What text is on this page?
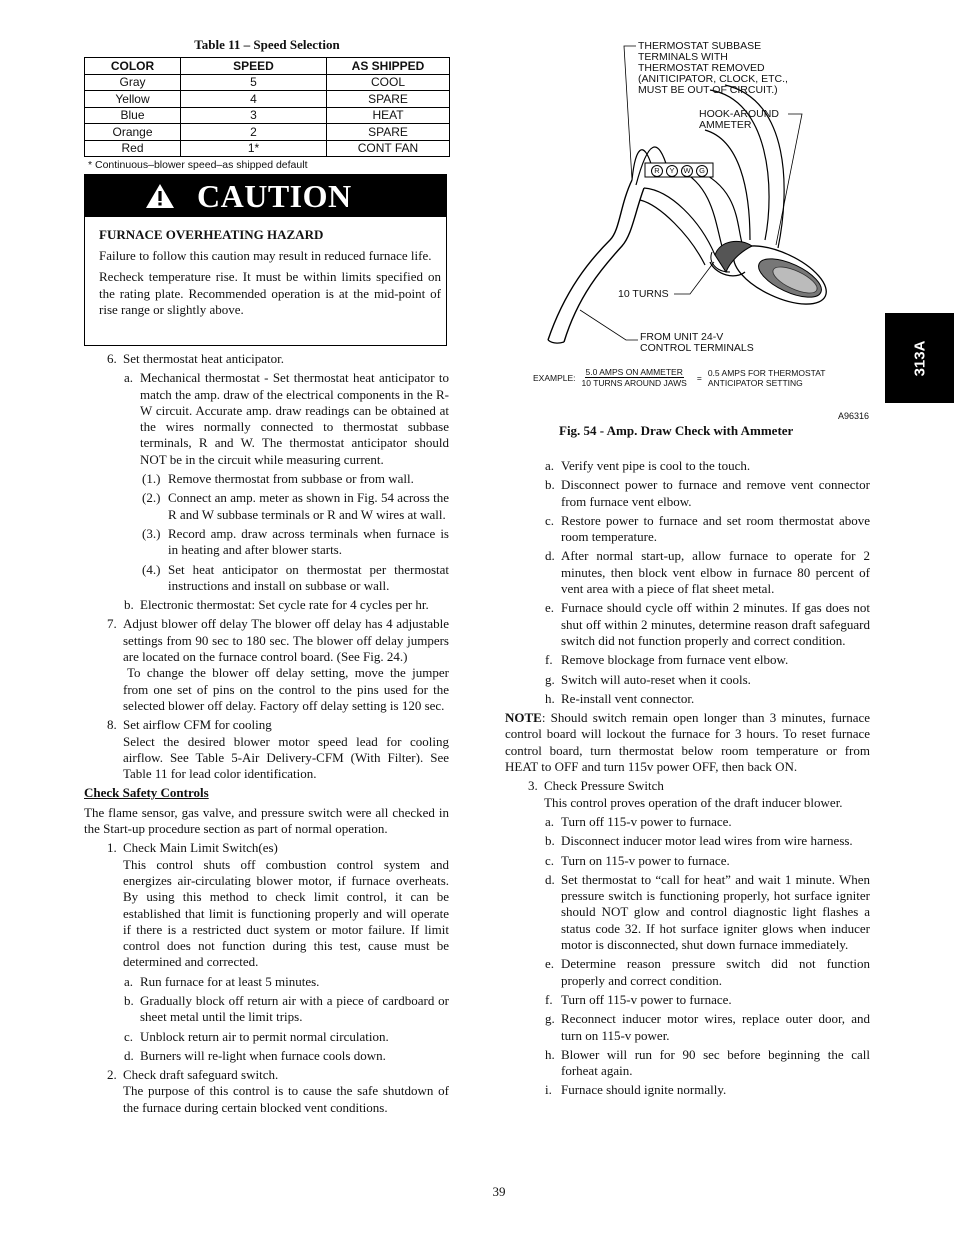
Table 11 – Speed Selection
COLOR	SPEED	AS SHIPPED
Gray	5	COOL
Yellow	4	SPARE
Blue	3	HEAT
Orange	2	SPARE
Red	1*	CONT FAN
* Continuous–blower speed–as shipped default
CAUTION
FURNACE OVERHEATING HAZARD

Failure to follow this caution may result in reduced furnace life.

Recheck temperature rise. It must be within limits specified on the rating plate. Recommended operation is at the mid-point of rise range or slightly above.

6. Set thermostat heat anticipator.
a. Mechanical thermostat - Set thermostat heat anticipator to match the amp. draw of the electrical components in the R-W circuit. Accurate amp. draw readings can be obtained at the wires normally connected to thermostat subbase terminals, R and W. The thermostat anticipator should NOT be in the circuit while measuring current.
(1.) Remove thermostat from subbase or from wall.
(2.) Connect an amp. meter as shown in Fig. 54 across the R and W subbase terminals or R and W wires at wall.
(3.) Record amp. draw across terminals when furnace is in heating and after blower starts.
(4.) Set heat anticipator on thermostat per thermostat instructions and install on subbase or wall.
b. Electronic thermostat: Set cycle rate for 4 cycles per hr.
7. Adjust blower off delay The blower off delay has 4 adjustable settings from 90 sec to 180 sec. The blower off delay jumpers are located on the furnace control board. (See Fig. 24.)

To change the blower off delay setting, move the jumper from one set of pins on the control to the pins used for the selected blower off delay. Factory off delay setting is 120 sec.

8. Set airflow CFM for cooling

Select the desired blower motor speed lead for cooling airflow. See Table 5-Air Delivery-CFM (With Filter). See Table 11 for lead color identification.

Check Safety Controls

The flame sensor, gas valve, and pressure switch were all checked in the Start-up procedure section as part of normal operation.

1. Check Main Limit Switch(es)

This control shuts off combustion control system and energizes air-circulating blower motor, if furnace overheats. By using this method to check limit control, it can be established that limit is functioning properly and will operate if there is a restricted duct system or motor failure. If limit control does not function during this test, cause must be determined and corrected.

a. Run furnace for at least 5 minutes.
b. Gradually block off return air with a piece of cardboard or sheet metal until the limit trips.
c. Unblock return air to permit normal circulation.
d. Burners will re-light when furnace cools down.
2. Check draft safeguard switch.

The purpose of this control is to cause the safe shutdown of the furnace during certain blocked vent conditions.

R	Y	W	G
THERMOSTAT SUBBASE
TERMINALS WITH
THERMOSTAT REMOVED
(ANITICIPATOR, CLOCK, ETC.,
MUST BE OUT OF CIRCUIT.)
HOOK-AROUND
AMMETER
10 TURNS
FROM UNIT 24-V
CONTROL TERMINALS
EXAMPLE:
5.0 AMPS ON AMMETER
10 TURNS AROUND JAWS
= 0.5 AMPS FOR THERMOSTAT
ANTICIPATOR SETTING
A96316
Fig. 54 - Amp. Draw Check with Ammeter
a. Verify vent pipe is cool to the touch.
b. Disconnect power to furnace and remove vent connector from furnace vent elbow.
c. Restore power to furnace and set room thermostat above room temperature.
d. After normal start-up, allow furnace to operate for 2 minutes, then block vent elbow in furnace 80 percent of vent area with a piece of flat sheet metal.
e. Furnace should cycle off within 2 minutes. If gas does not shut off within 2 minutes, determine reason draft safeguard switch did not function properly and correct condition.
f. Remove blockage from furnace vent elbow.
g. Switch will auto-reset when it cools.
h. Re-install vent connector.

NOTE: Should switch remain open longer than 3 minutes, furnace control board will lockout the furnace for 3 hours. To reset furnace control board, turn thermostat below room temperature or from HEAT to OFF and turn 115v power OFF, then back ON.

3. Check Pressure Switch

This control proves operation of the draft inducer blower.

a. Turn off 115-v power to furnace.
b. Disconnect inducer motor lead wires from wire harness.
c. Turn on 115-v power to furnace.
d. Set thermostat to “call for heat” and wait 1 minute. When pressure switch is functioning properly, hot surface igniter should NOT glow and control diagnostic light flashes a status code 32. If hot surface igniter glows when inducer motor is disconnected, shut down furnace immediately.
e. Determine reason pressure switch did not function properly and correct condition.
f. Turn off 115-v power to furnace.
g. Reconnect inducer motor wires, replace outer door, and turn on 115-v power.
h. Blower will run for 90 sec before beginning the call forheat again.
i. Furnace should ignite normally.
313A
39
